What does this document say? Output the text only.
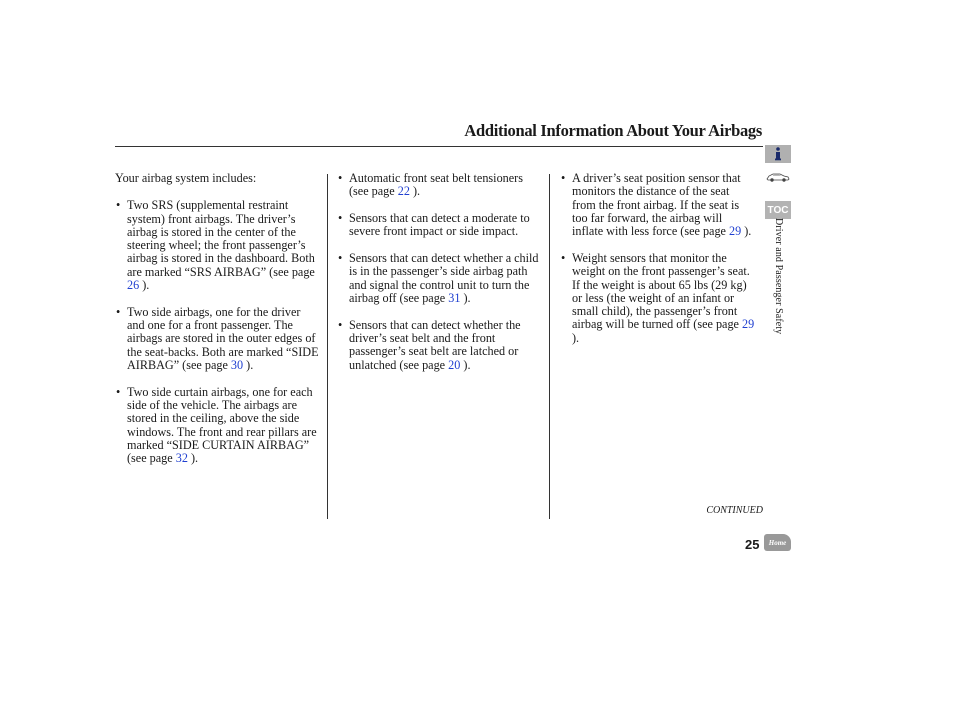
Additional Information About Your Airbags

Your airbag system includes:

• Two SRS (supplemental restraint system) front airbags. The driver’s airbag is stored in the center of the steering wheel; the front passenger’s airbag is stored in the dashboard. Both are marked “SRS AIRBAG” (see page 26 ).
• Two side airbags, one for the driver and one for a front passenger. The airbags are stored in the outer edges of the seat-backs. Both are marked “SIDE AIRBAG” (see page 30 ).
• Two side curtain airbags, one for each side of the vehicle. The airbags are stored in the ceiling, above the side windows. The front and rear pillars are marked “SIDE CURTAIN AIRBAG” (see page 32 ).
• Automatic front seat belt tensioners (see page 22 ).
• Sensors that can detect a moderate to severe front impact or side impact.
• Sensors that can detect whether a child is in the passenger’s side airbag path and signal the control unit to turn the airbag off (see page 31 ).
• Sensors that can detect whether the driver’s seat belt and the front passenger’s seat belt are latched or unlatched (see page 20 ).
• A driver’s seat position sensor that monitors the distance of the seat from the front airbag. If the seat is too far forward, the airbag will inflate with less force (see page 29 ).
• Weight sensors that monitor the weight on the front passenger’s seat. If the weight is about 65 lbs (29 kg) or less (the weight of an infant or small child), the passenger’s front airbag will be turned off (see page 29 ).
TOC
Driver and Passenger Safety
CONTINUED
25 Home
